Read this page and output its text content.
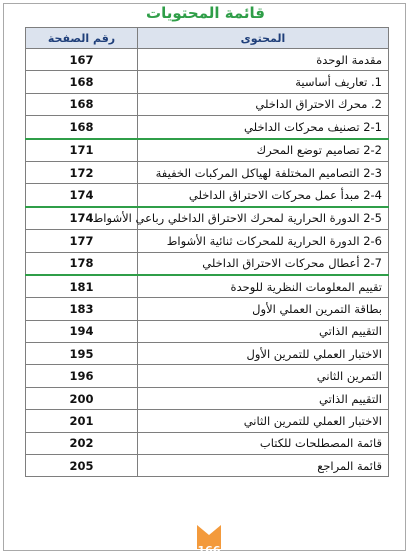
قائمة المحتويات
رقم الصفحة	المحتوى
167	مقدمة الوحدة
168	1. تعاريف أساسية
168	2. محرك الاحتراق الداخلي
168	2-1 تصنيف محركات الداخلي
171	2-2 تصاميم توضع المحرك
172	2-3 التصاميم المختلفة لهياكل المركبات الخفيفة
174	2-4 مبدأ عمل محركات الاحتراق الداخلي
174	2-5 الدورة الحرارية لمحرك الاحتراق الداخلي رباعي الأشواط
177	2-6 الدورة الحرارية للمحركات ثنائية الأشواط
178	2-7 أعطال محركات الاحتراق الداخلي
181	تقييم المعلومات النظرية للوحدة
183	بطاقة التمرين العملي الأول
194	التقييم الذاتي
195	الاختبار العملي للتمرين الأول
196	التمرين الثاني
200	التقييم الذاتي
201	الاختبار العملي للتمرين الثاني
202	قائمة المصطلحات للكتاب
205	قائمة المراجع
166
